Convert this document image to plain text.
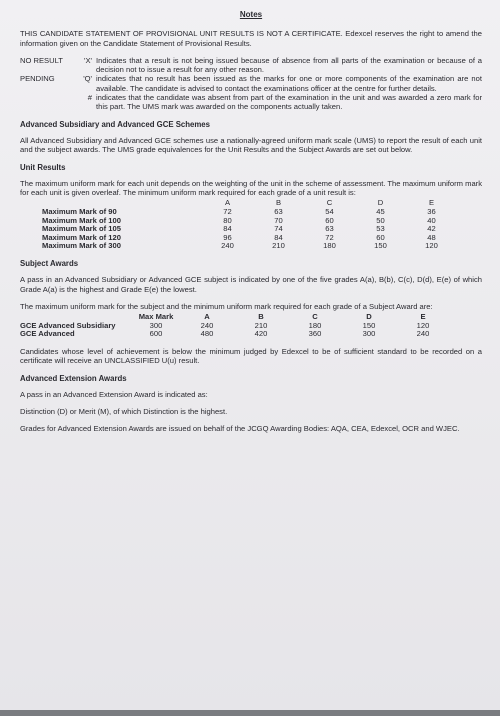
Notes

THIS CANDIDATE STATEMENT OF PROVISIONAL UNIT RESULTS IS NOT A CERTIFICATE. Edexcel reserves the right to amend the information given on the Candidate Statement of Provisional Results.

NO RESULT	'X' Indicates that a result is not being issued because of absence from all parts of the examination or because of a decision not to issue a result for any other reason.
PENDING	'Q' indicates that no result has been issued as the marks for one or more components of the examination are not available. The candidate is advised to contact the examinations officer at the centre for further details.
# indicates that the candidate was absent from part of the examination in the unit and was awarded a zero mark for this part. The UMS mark was awarded on the components actually taken.
Advanced Subsidiary and Advanced GCE Schemes

All Advanced Subsidiary and Advanced GCE schemes use a nationally-agreed uniform mark scale (UMS) to report the result of each unit and the subject awards. The UMS grade equivalences for the Unit Results and the Subject Awards are set out below.

Unit Results

The maximum uniform mark for each unit depends on the weighting of the unit in the scheme of assessment. The maximum uniform mark for each unit is given overleaf. The minimum uniform mark required for each grade of a unit result is:

	A	B	C	D	E
Maximum Mark of 90	72	63	54	45	36
Maximum Mark of 100	80	70	60	50	40
Maximum Mark of 105	84	74	63	53	42
Maximum Mark of 120	96	84	72	60	48
Maximum Mark of 300	240	210	180	150	120
Subject Awards

A pass in an Advanced Subsidiary or Advanced GCE subject is indicated by one of the five grades A(a), B(b), C(c), D(d), E(e) of which Grade A(a) is the highest and Grade E(e) the lowest.

The maximum uniform mark for the subject and the minimum uniform mark required for each grade of a Subject Award are:

	Max Mark	A	B	C	D	E
GCE Advanced Subsidiary	300	240	210	180	150	120
GCE Advanced	600	480	420	360	300	240

Candidates whose level of achievement is below the minimum judged by Edexcel to be of sufficient standard to be recorded on a certificate will receive an UNCLASSIFIED U(u) result.

Advanced Extension Awards

A pass in an Advanced Extension Award is indicated as:

Distinction (D) or Merit (M), of which Distinction is the highest.

Grades for Advanced Extension Awards are issued on behalf of the JCGQ Awarding Bodies: AQA, CEA, Edexcel, OCR and WJEC.
